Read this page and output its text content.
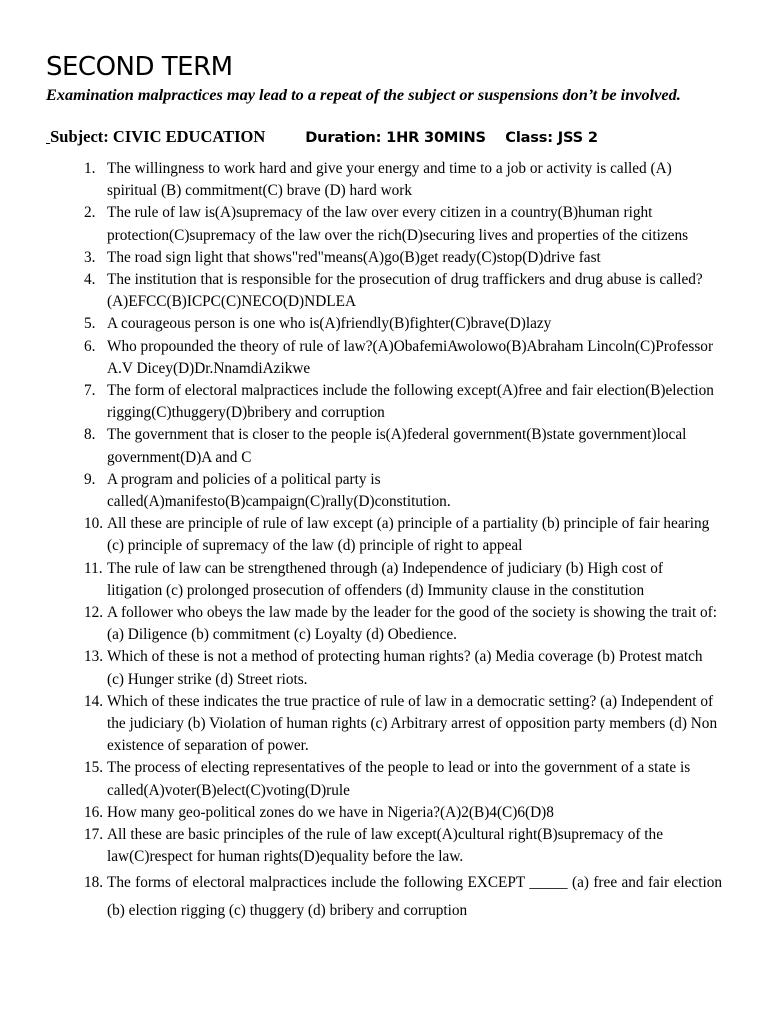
SECOND TERM
Examination malpractices may lead to a repeat of the subject or suspensions don’t be involved.
Subject: CIVIC EDUCATION	Duration: 1HR 30MINS    Class: JSS 2
1. The willingness to work hard and give your energy and time to a job or activity is called (A) spiritual (B) commitment(C) brave (D) hard work
2. The rule of law is(A)supremacy of the law over every citizen in a country(B)human right protection(C)supremacy of the law over the rich(D)securing lives and properties of the citizens
3. The road sign light that shows"red"means(A)go(B)get ready(C)stop(D)drive fast
4. The institution that is responsible for the prosecution of drug traffickers and drug abuse is called?(A)EFCC(B)ICPC(C)NECO(D)NDLEA
5. A courageous person is one who is(A)friendly(B)fighter(C)brave(D)lazy
6. Who propounded the theory of rule of law?(A)ObafemiAwolowo(B)Abraham Lincoln(C)Professor A.V Dicey(D)Dr.NnamdiAzikwe
7. The form of electoral malpractices include the following except(A)free and fair election(B)election rigging(C)thuggery(D)bribery and corruption
8. The government that is closer to the people is(A)federal government(B)state government)local government(D)A and C
9. A program and policies of a political party is called(A)manifesto(B)campaign(C)rally(D)constitution.
10. All these are principle of rule of law except (a) principle of a partiality (b) principle of fair hearing (c) principle of supremacy of the law (d) principle of right to appeal
11. The rule of law can be strengthened through (a) Independence of judiciary (b) High cost of litigation (c) prolonged prosecution of offenders (d) Immunity clause in the constitution
12. A follower who obeys the law made by the leader for the good of the society is showing the trait of: (a) Diligence (b) commitment (c) Loyalty (d) Obedience.
13. Which of these is not a method of protecting human rights? (a) Media coverage (b) Protest match (c) Hunger strike (d) Street riots.
14. Which of these indicates the true practice of rule of law in a democratic setting? (a) Independent of the judiciary (b) Violation of human rights (c) Arbitrary arrest of opposition party members (d) Non existence of separation of power.
15. The process of electing representatives of the people to lead or into the government of a state is called(A)voter(B)elect(C)voting(D)rule
16. How many geo-political zones do we have in Nigeria?(A)2(B)4(C)6(D)8
17. All these are basic principles of the rule of law except(A)cultural right(B)supremacy of the law(C)respect for human rights(D)equality before the law.
18. The forms of electoral malpractices include the following EXCEPT _____ (a) free and fair election (b) election rigging (c) thuggery (d) bribery and corruption
